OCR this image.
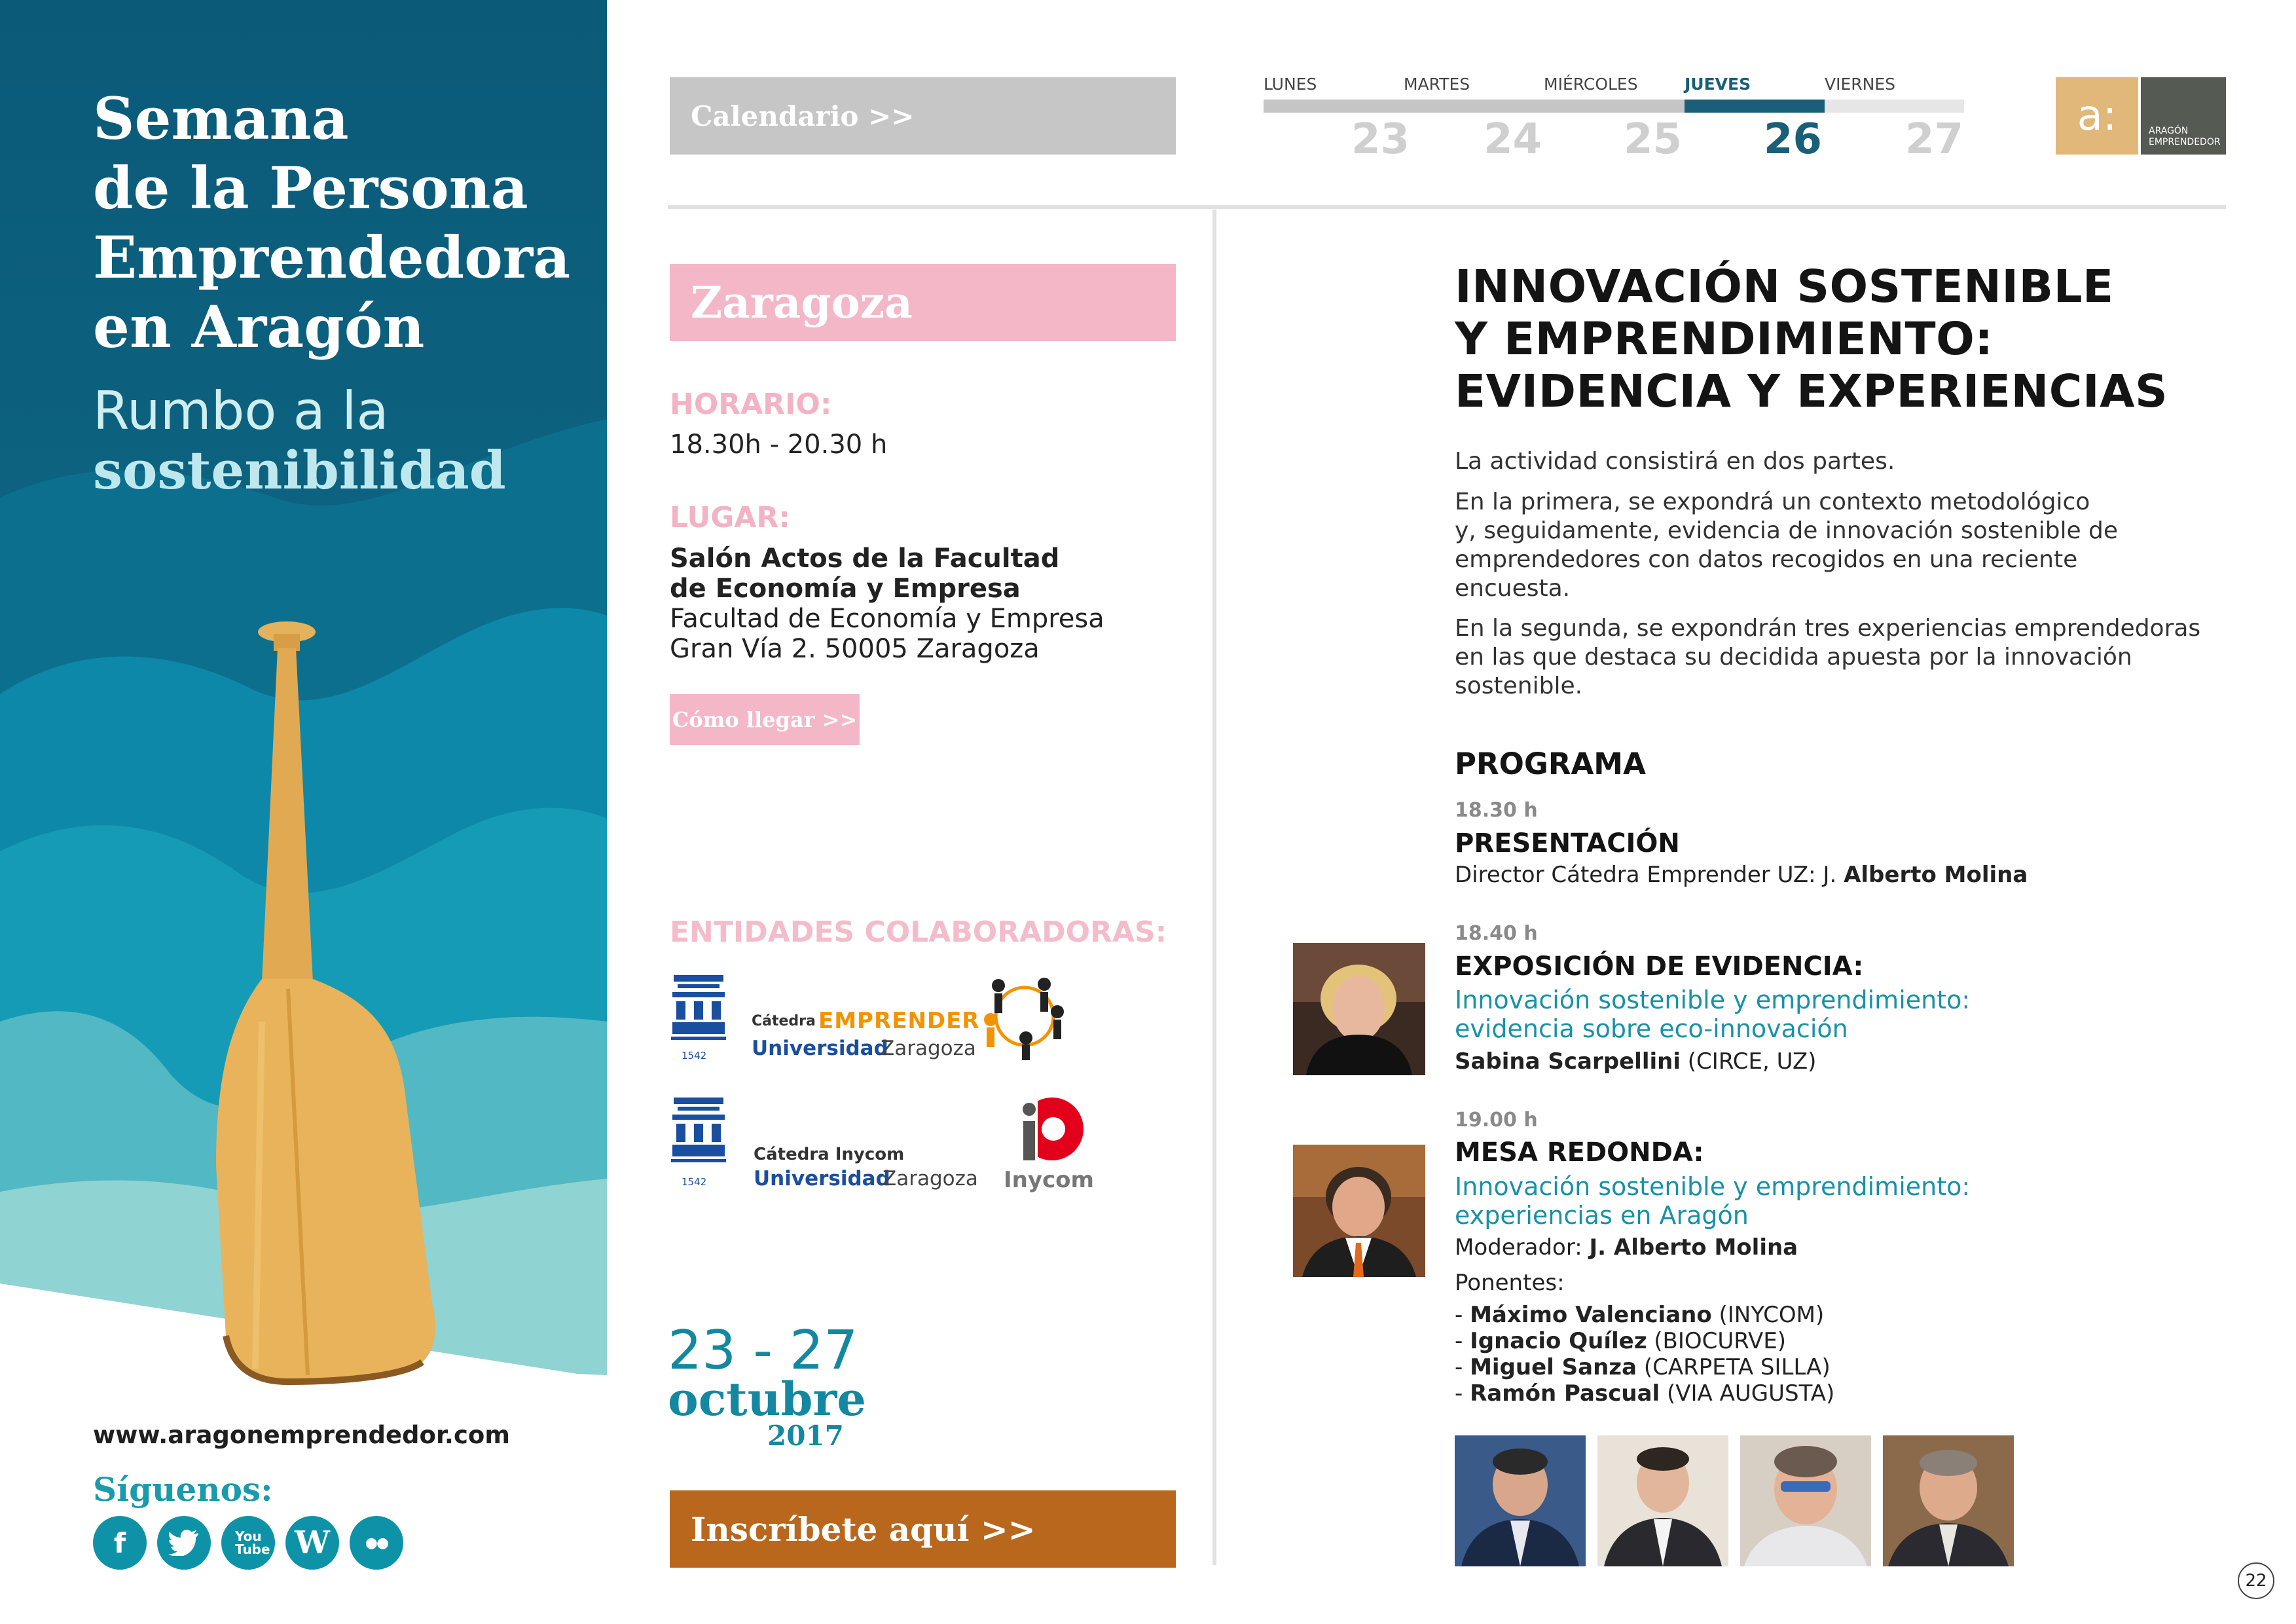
Semana
de la Persona
Emprendedora
en Aragón
Rumbo a la
sostenibilidad
www.aragonemprendedor.com
Síguenos:
f	You Tube W ●●
Calendario >>
LUNES	MARTES	MIÉRCOLES	JUEVES	VIERNES
23 24 25 26 27	a:	ARAGÓN
EMPRENDEDOR
Zaragoza
HORARIO:
18.30h - 20.30 h
LUGAR:
Salón Actos de la Facultad
de Economía y Empresa
Facultad de Economía y Empresa
Gran Vía 2. 50005 Zaragoza
Cómo llegar >>
ENTIDADES COLABORADORAS:
1542
Cátedra EMPRENDER
Universidad
Zaragoza
1542
Cátedra Inycom
Universidad
Zaragoza Inycom
23 - 27
octubre
2017
Inscríbete aquí >>
INNOVACIÓN SOSTENIBLE
Y EMPRENDIMIENTO:
EVIDENCIA Y EXPERIENCIAS
La actividad consistirá en dos partes.
En la primera, se expondrá un contexto metodológico
y, seguidamente, evidencia de innovación sostenible de
emprendedores con datos recogidos en una reciente
encuesta.
En la segunda, se expondrán tres experiencias emprendedoras
en las que destaca su decidida apuesta por la innovación
sostenible.
PROGRAMA
18.30 h
PRESENTACIÓN
Director Cátedra Emprender UZ: J. Alberto Molina
18.40 h
EXPOSICIÓN DE EVIDENCIA:
Innovación sostenible y emprendimiento:
evidencia sobre eco-innovación
Sabina Scarpellini (CIRCE, UZ)
19.00 h
MESA REDONDA:
Innovación sostenible y emprendimiento:
experiencias en Aragón
Moderador: J. Alberto Molina
Ponentes:
- Máximo Valenciano (INYCOM)
- Ignacio Quílez (BIOCURVE)
- Miguel Sanza (CARPETA SILLA)
- Ramón Pascual (VIA AUGUSTA)
22
